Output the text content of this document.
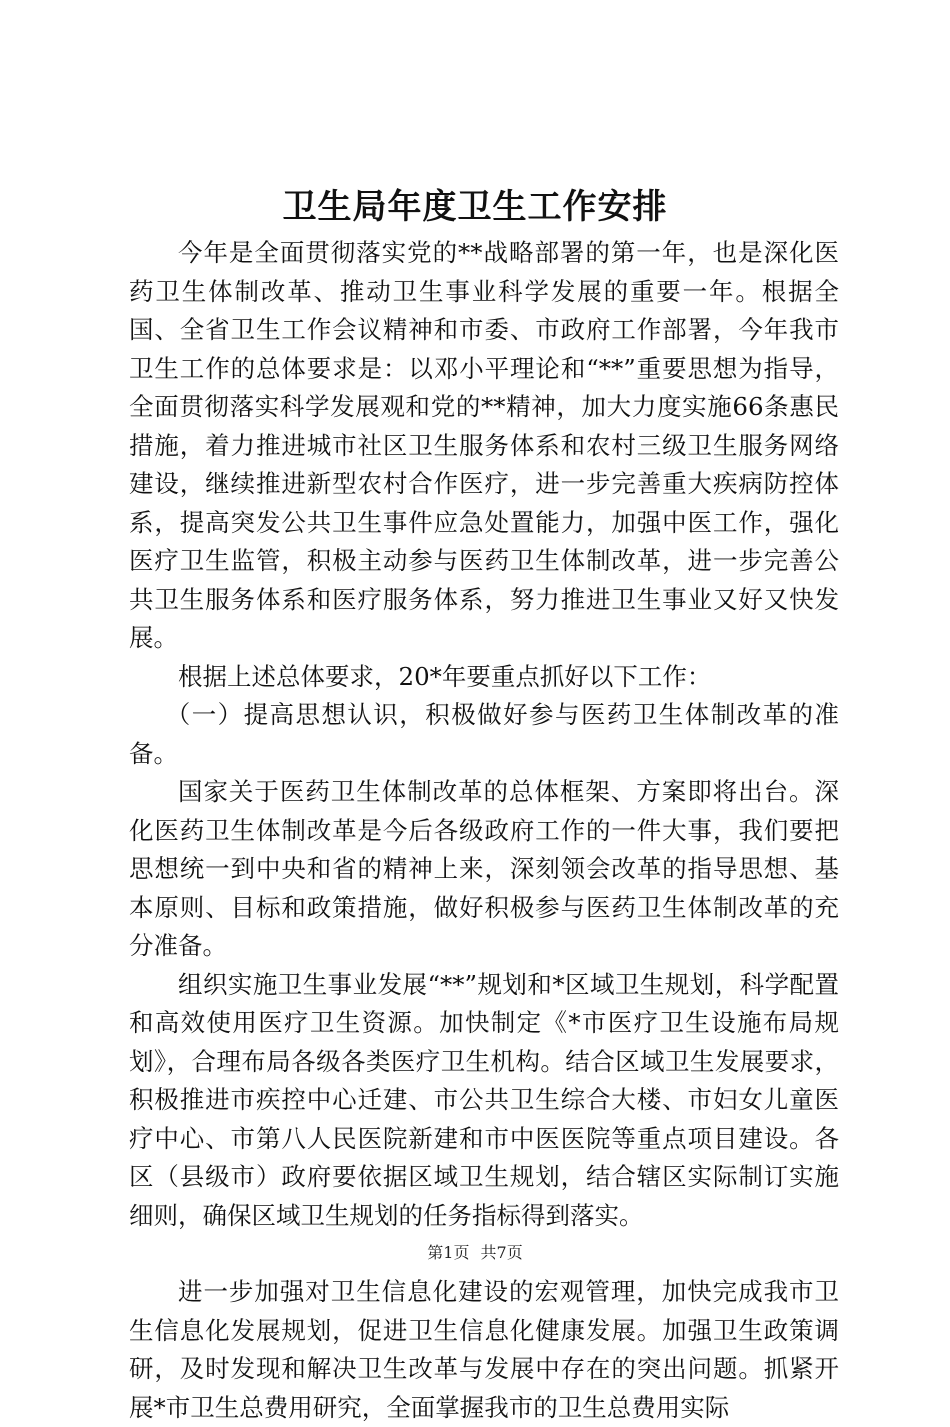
卫生局年度卫生工作安排

今年是全面贯彻落实党的**战略部署的第一年，也是深化医药卫生体制改革、推动卫生事业科学发展的重要一年。根据全国、全省卫生工作会议精神和市委、市政府工作部署，今年我市卫生工作的总体要求是：以邓小平理论和“**”重要思想为指导，全面贯彻落实科学发展观和党的**精神，加大力度实施66条惠民措施，着力推进城市社区卫生服务体系和农村三级卫生服务网络建设，继续推进新型农村合作医疗，进一步完善重大疾病防控体系，提高突发公共卫生事件应急处置能力，加强中医工作，强化医疗卫生监管，积极主动参与医药卫生体制改革，进一步完善公共卫生服务体系和医疗服务体系，努力推进卫生事业又好又快发展。

根据上述总体要求，20*年要重点抓好以下工作：

（一）提高思想认识，积极做好参与医药卫生体制改革的准备。

国家关于医药卫生体制改革的总体框架、方案即将出台。深化医药卫生体制改革是今后各级政府工作的一件大事，我们要把思想统一到中央和省的精神上来，深刻领会改革的指导思想、基本原则、目标和政策措施，做好积极参与医药卫生体制改革的充分准备。

组织实施卫生事业发展“**”规划和*区域卫生规划，科学配置和高效使用医疗卫生资源。加快制定《*市医疗卫生设施布局规划》，合理布局各级各类医疗卫生机构。结合区域卫生发展要求，积极推进市疾控中心迁建、市公共卫生综合大楼、市妇女儿童医疗中心、市第八人民医院新建和市中医医院等重点项目建设。各区（县级市）政府要依据区域卫生规划，结合辖区实际制订实施细则，确保区域卫生规划的任务指标得到落实。

进一步加强对卫生信息化建设的宏观管理，加快完成我市卫生信息化发展规划，促进卫生信息化健康发展。加强卫生政策调研，及时发现和解决卫生改革与发展中存在的突出问题。抓紧开展*市卫生总费用研究，全面掌握我市的卫生总费用实际

第1页 共7页
